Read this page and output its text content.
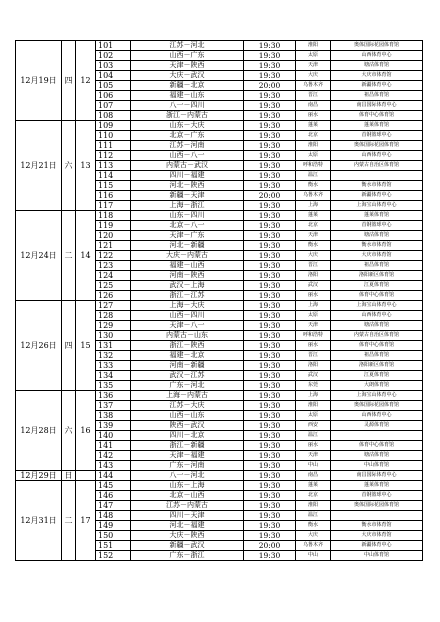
12月19日	四	12	101	江苏－河北	19:30	淮阳	奥体国际花园体育馆
			102	山西－广东	19:30	太原	山西体育中心
			103	天津－陕西	19:30	天津	塘沽体育馆
			104	大庆－武汉	19:30	大庆	大庆市体育馆
			105	新疆－北京	20:00	乌鲁木齐	新疆体育中心
			106	福建－山东	19:30	晋江	祖昌体育馆
			107	八一－四川	19:30	南昌	南昌国际体育中心
			108	浙江－内蒙古	19:30	丽水	体育中心体育馆
12月21日	六	13	109	山东－大庆	19:30	蓬莱	蓬莱体育馆
			110	北京－广东	19:30	北京	首钢篮球中心
			111	江苏－河南	19:30	淮阳	奥体国际花园体育馆
			112	山西－八一	19:30	太原	山西体育中心
			113	内蒙古－武汉	19:30	呼和浩特	内蒙古自治区体育馆
			114	四川－福建	19:30	温江	
			115	河北－陕西	19:30	衡水	衡水市体育馆
			116	新疆－天津	20:00	乌鲁木齐	新疆体育中心
			117	上海－浙江	19:30	上海	上海宝山体育中心
12月24日	二	14	118	山东－四川	19:30	蓬莱	蓬莱体育馆
			119	北京－八一	19:30	北京	首钢篮球中心
			120	天津－广东	19:30	天津	塘沽体育馆
			121	河北－新疆	19:30	衡水	衡水市体育馆
			122	大庆－内蒙古	19:30	大庆	大庆市体育馆
			123	福建－山西	19:30	晋江	祖昌体育馆
			124	河南－陕西	19:30	洛阳	洛阳新区体育馆
			125	武汉－上海	19:30	武汉	江夏体育馆
			126	浙江－江苏	19:30	丽水	体育中心体育馆
12月26日	四	15	127	上海－大庆	19:30	上海	上海宝山体育中心
			128	山西－四川	19:30	太原	山西体育中心
			129	天津－八一	19:30	天津	塘沽体育馆
			130	内蒙古－山东	19:30	呼和浩特	内蒙古自治区体育馆
			131	浙江－陕西	19:30	丽水	体育中心体育馆
			132	福建－北京	19:30	晋江	祖昌体育馆
			133	河南－新疆	19:30	洛阳	洛阳新区体育馆
			134	武汉－江苏	19:30	武汉	江夏体育馆
			135	广东－河北	19:30	东莞	大朗体育馆
12月28日	六	16	136	上海－内蒙古	19:30	上海	上海宝山体育中心
			137	江苏－大庆	19:30	淮阳	奥体国际花园体育馆
			138	山西－山东	19:30	太原	山西体育中心
			139	陕西－武汉	19:30	西安	灵源体育馆
			140	四川－北京	19:30	温江	
			141	浙江－新疆	19:30	丽水	体育中心体育馆
			142	天津－福建	19:30	天津	塘沽体育馆
			143	广东－河南	19:30	中山	中山体育馆
12月29日	日		144	八一－河北	19:30	南昌	南昌国际体育中心
12月31日	二	17	145	山东－上海	19:30	蓬莱	蓬莱体育馆
			146	北京－山西	19:30	北京	首钢篮球中心
			147	江苏－内蒙古	19:30	淮阳	奥体国际花园体育馆
			148	四川－天津	19:30	温江	
			149	河北－福建	19:30	衡水	衡水市体育馆
			150	大庆－陕西	19:30	大庆	大庆市体育馆
			151	新疆－武汉	20:00	乌鲁木齐	新疆体育中心
			152	广东－浙江	19:30	中山	中山体育馆
